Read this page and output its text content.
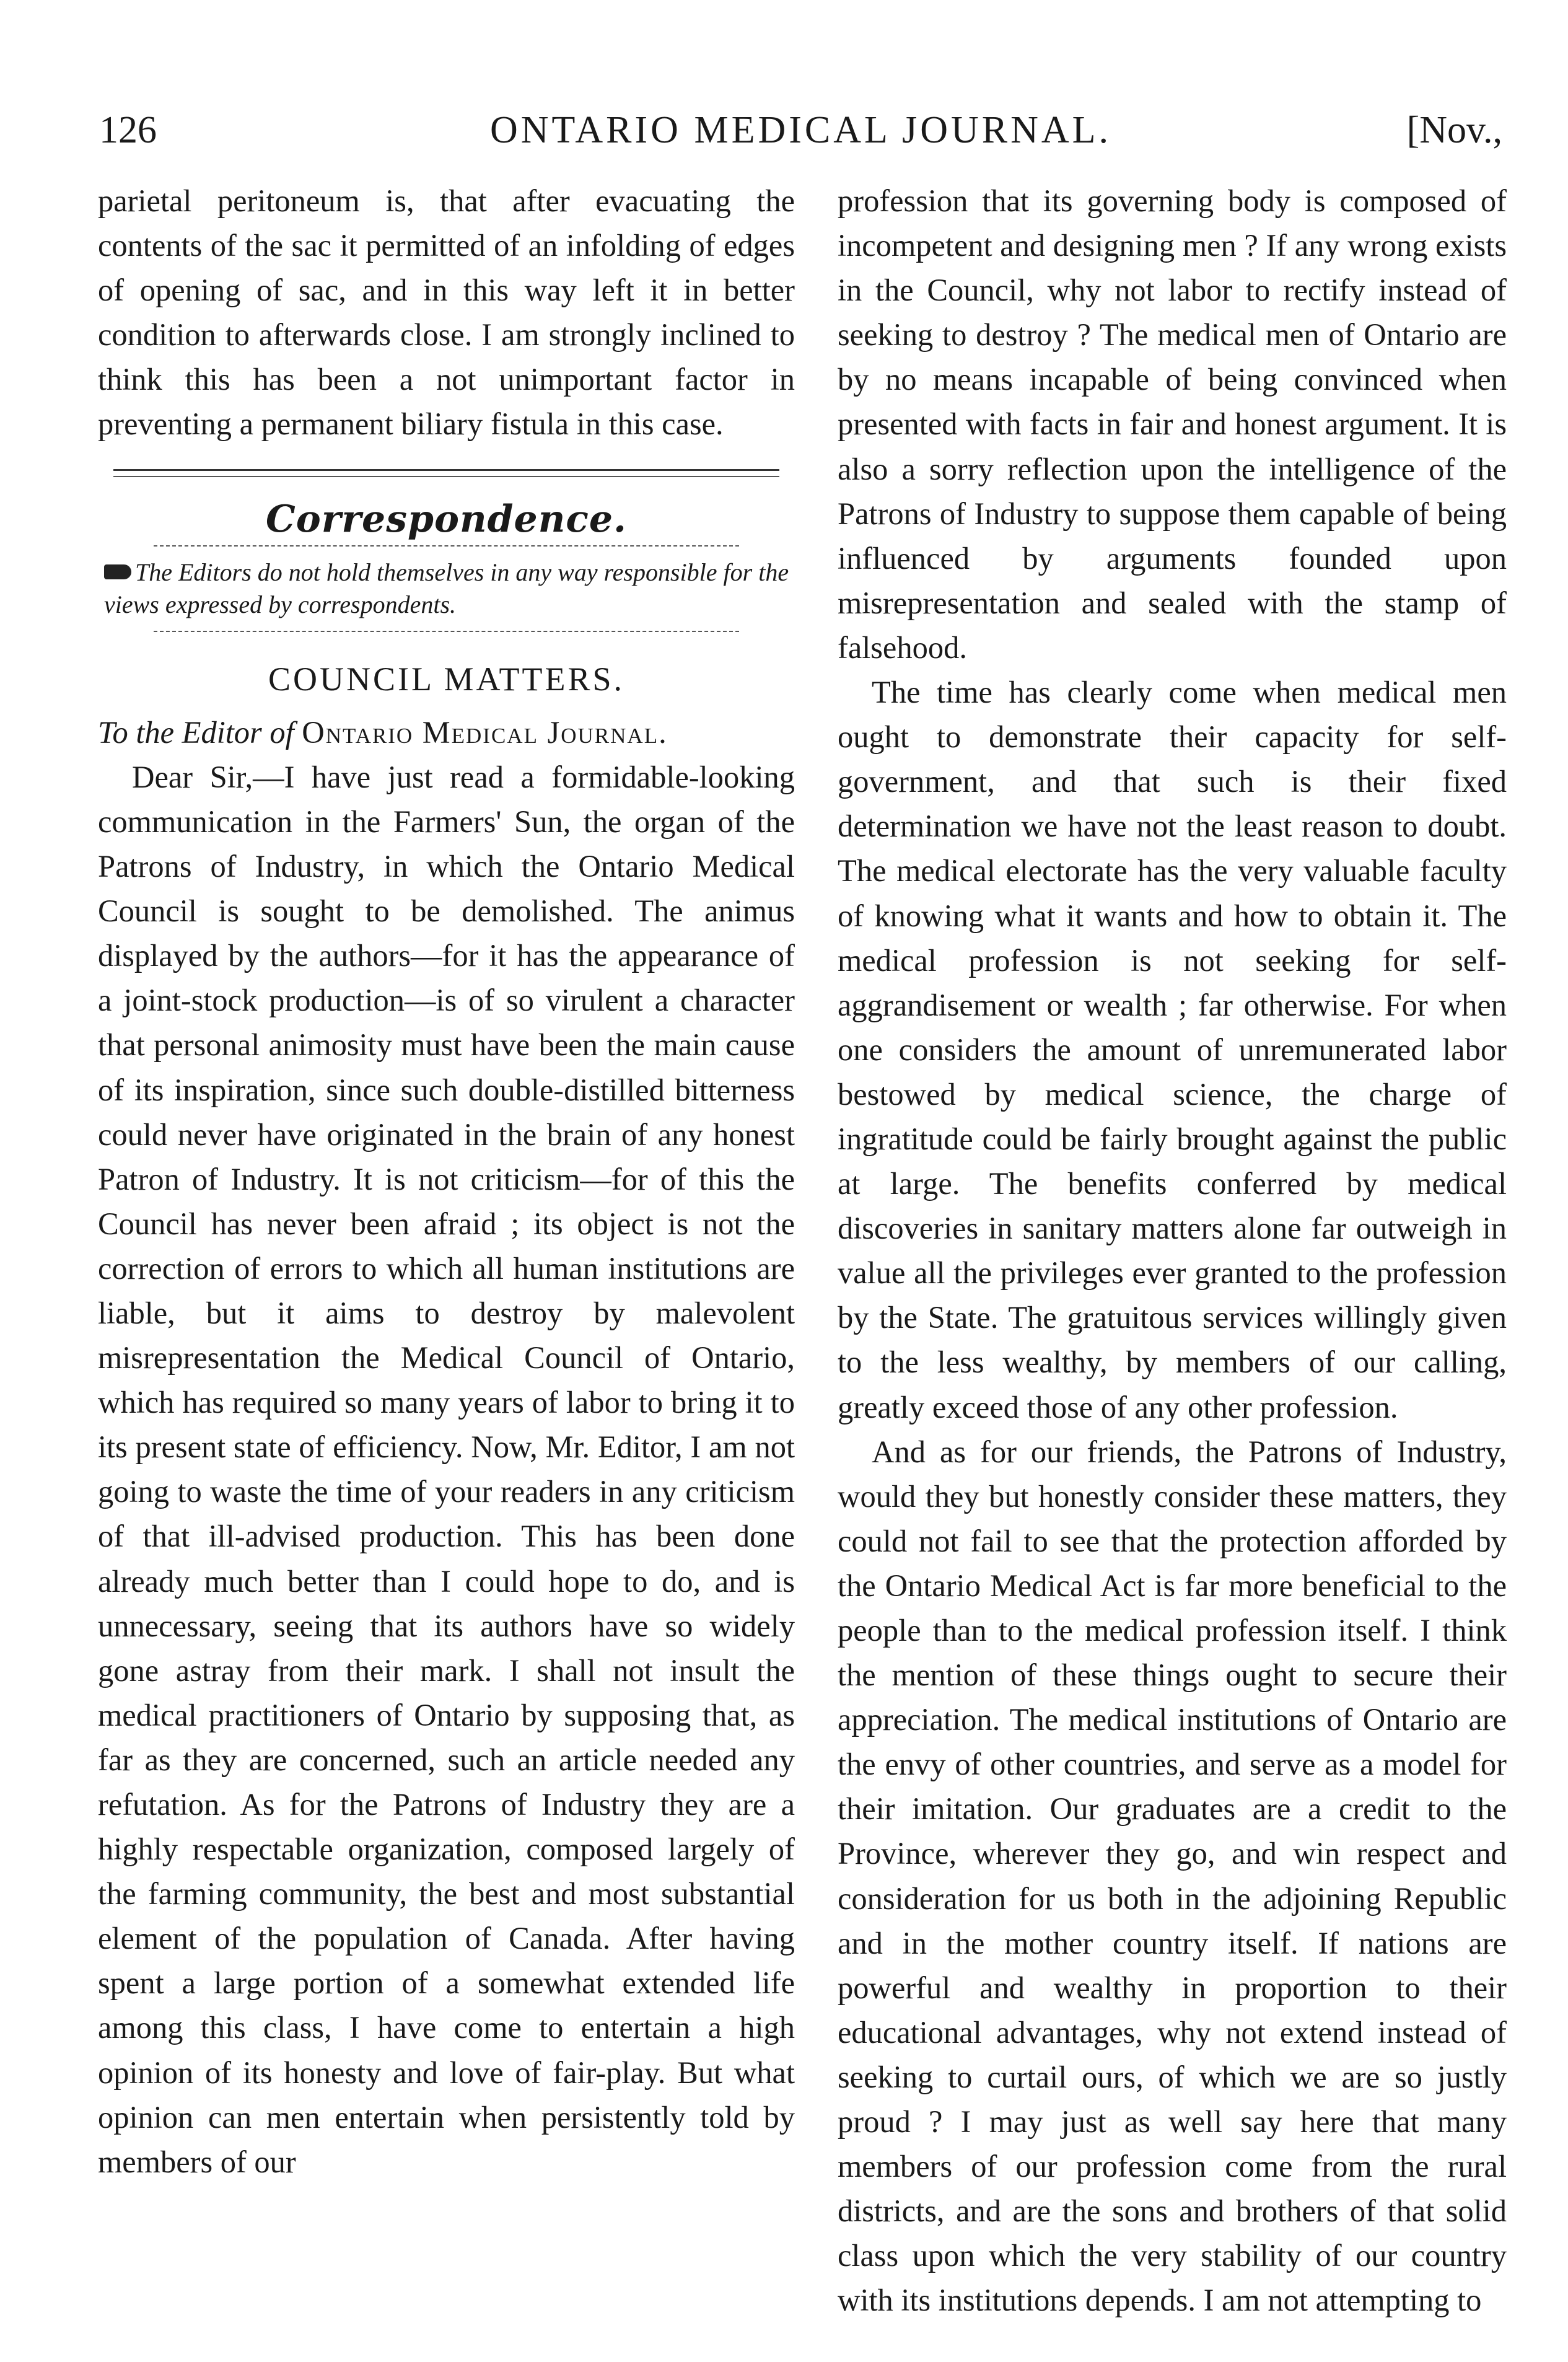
126	ONTARIO MEDICAL JOURNAL.	[Nov.,

parietal peritoneum is, that after evacuating the contents of the sac it permitted of an infolding of edges of opening of sac, and in this way left it in better condition to afterwards close. I am strongly inclined to think this has been a not unimportant factor in preventing a permanent biliary fistula in this case.

Correspondence.
The Editors do not hold themselves in any way responsible for the views expressed by correspondents.
COUNCIL MATTERS.

To the Editor of Ontario Medical Journal.

Dear Sir,—I have just read a formidable-looking communication in the Farmers' Sun, the organ of the Patrons of Industry, in which the Ontario Medical Council is sought to be demolished. The animus displayed by the authors—for it has the appearance of a joint-stock production—is of so virulent a character that personal animosity must have been the main cause of its inspiration, since such double-distilled bitterness could never have originated in the brain of any honest Patron of Industry. It is not criticism—for of this the Council has never been afraid ; its object is not the correction of errors to which all human institutions are liable, but it aims to destroy by malevolent misrepresentation the Medical Council of Ontario, which has required so many years of labor to bring it to its present state of efficiency. Now, Mr. Editor, I am not going to waste the time of your readers in any criticism of that ill-advised production. This has been done already much better than I could hope to do, and is unnecessary, seeing that its authors have so widely gone astray from their mark. I shall not insult the medical practitioners of Ontario by supposing that, as far as they are concerned, such an article needed any refutation. As for the Patrons of Industry they are a highly respectable organization, composed largely of the farming community, the best and most substantial element of the population of Canada. After having spent a large portion of a somewhat extended life among this class, I have come to entertain a high opinion of its honesty and love of fair-play. But what opinion can men entertain when persistently told by members of our

profession that its governing body is composed of incompetent and designing men ? If any wrong exists in the Council, why not labor to rectify instead of seeking to destroy ? The medical men of Ontario are by no means incapable of being convinced when presented with facts in fair and honest argument. It is also a sorry reflection upon the intelligence of the Patrons of Industry to suppose them capable of being influenced by arguments founded upon misrepresentation and sealed with the stamp of falsehood.

The time has clearly come when medical men ought to demonstrate their capacity for self-government, and that such is their fixed determination we have not the least reason to doubt. The medical electorate has the very valuable faculty of knowing what it wants and how to obtain it. The medical profession is not seeking for self-aggrandisement or wealth ; far otherwise. For when one considers the amount of unremunerated labor bestowed by medical science, the charge of ingratitude could be fairly brought against the public at large. The benefits conferred by medical discoveries in sanitary matters alone far outweigh in value all the privileges ever granted to the profession by the State. The gratuitous services willingly given to the less wealthy, by members of our calling, greatly exceed those of any other profession.

And as for our friends, the Patrons of Industry, would they but honestly consider these matters, they could not fail to see that the protection afforded by the Ontario Medical Act is far more beneficial to the people than to the medical profession itself. I think the mention of these things ought to secure their appreciation. The medical institutions of Ontario are the envy of other countries, and serve as a model for their imitation. Our graduates are a credit to the Province, wherever they go, and win respect and consideration for us both in the adjoining Republic and in the mother country itself. If nations are powerful and wealthy in proportion to their educational advantages, why not extend instead of seeking to curtail ours, of which we are so justly proud ? I may just as well say here that many members of our profession come from the rural districts, and are the sons and brothers of that solid class upon which the very stability of our country with its institutions depends. I am not attempting to
